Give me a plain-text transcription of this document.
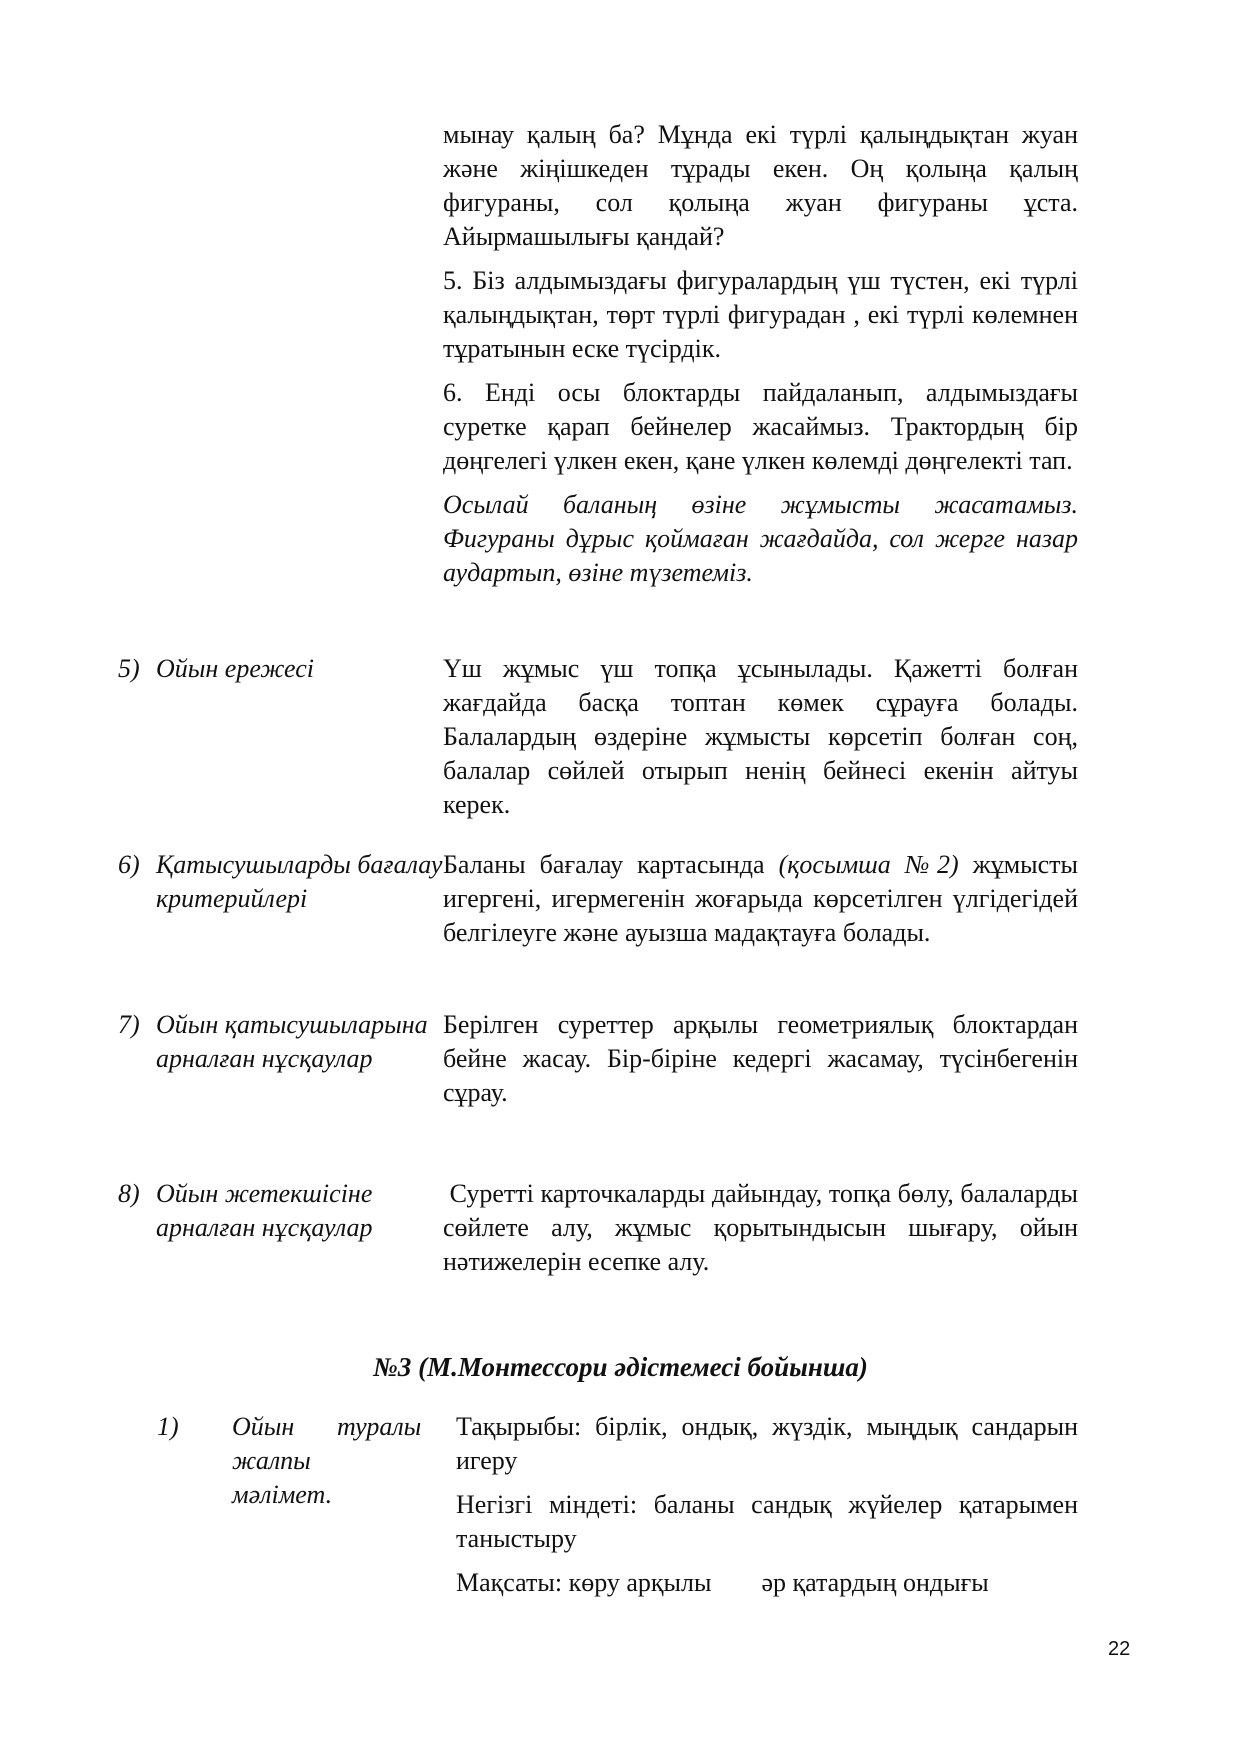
мынау қалың ба? Мұнда екі түрлі қалыңдықтан жуан және жіңішкеден тұрады екен. Оң қолыңа қалың фигураны, сол қолыңа жуан фигураны ұста. Айырмашылығы қандай?

5. Біз алдымыздағы фигуралардың үш түстен, екі түрлі қалыңдықтан, төрт түрлі фигурадан , екі түрлі көлемнен тұратынын еске түсірдік.

6. Енді осы блоктарды пайдаланып, алдымыздағы суретке қарап бейнелер жасаймыз. Трактордың бір дөңгелегі үлкен екен, қане үлкен көлемді дөңгелекті тап.

Осылай баланың өзіне жұмысты жасатамыз. Фигураны дұрыс қоймаған жағдайда, сол жерге назар аудартып, өзіне түзетеміз.

5) Ойын ережесі	Үш жұмыс үш топқа ұсынылады. Қажетті болған жағдайда басқа топтан көмек сұрауға болады. Балалардың өздеріне жұмысты көрсетіп болған соң, балалар сөйлей отырып ненің бейнесі екенін айтуы керек.

6) Қатысушыларды бағалау критерийлері

Баланы бағалау картасында (қосымша №2) жұмысты игергені, игермегенін жоғарыда көрсетілген үлгідегідей белгілеуге және ауызша мадақтауға болады.

7) Ойын қатысушыларына арналған нұсқаулар

Берілген суреттер арқылы геометриялық блоктардан бейне жасау. Бір-біріне кедергі жасамау, түсінбегенін сұрау.

8) Ойын жетекшісіне арналған нұсқаулар

Суретті карточкаларды дайындау, топқа бөлу, балаларды сөйлете алу, жұмыс қорытындысын шығару, ойын нәтижелерін есепке алу.

№3 (М.Монтессори әдістемесі бойынша)
1) Ойын туралы
жалпы
мәлімет.

Тақырыбы: бірлік, ондық, жүздік, мыңдық сандарын игеру

Негізгі міндеті: баланы сандық жүйелер қатарымен таныстыру

Мақсаты: көру арқылы әр қатардың ондығы

22
